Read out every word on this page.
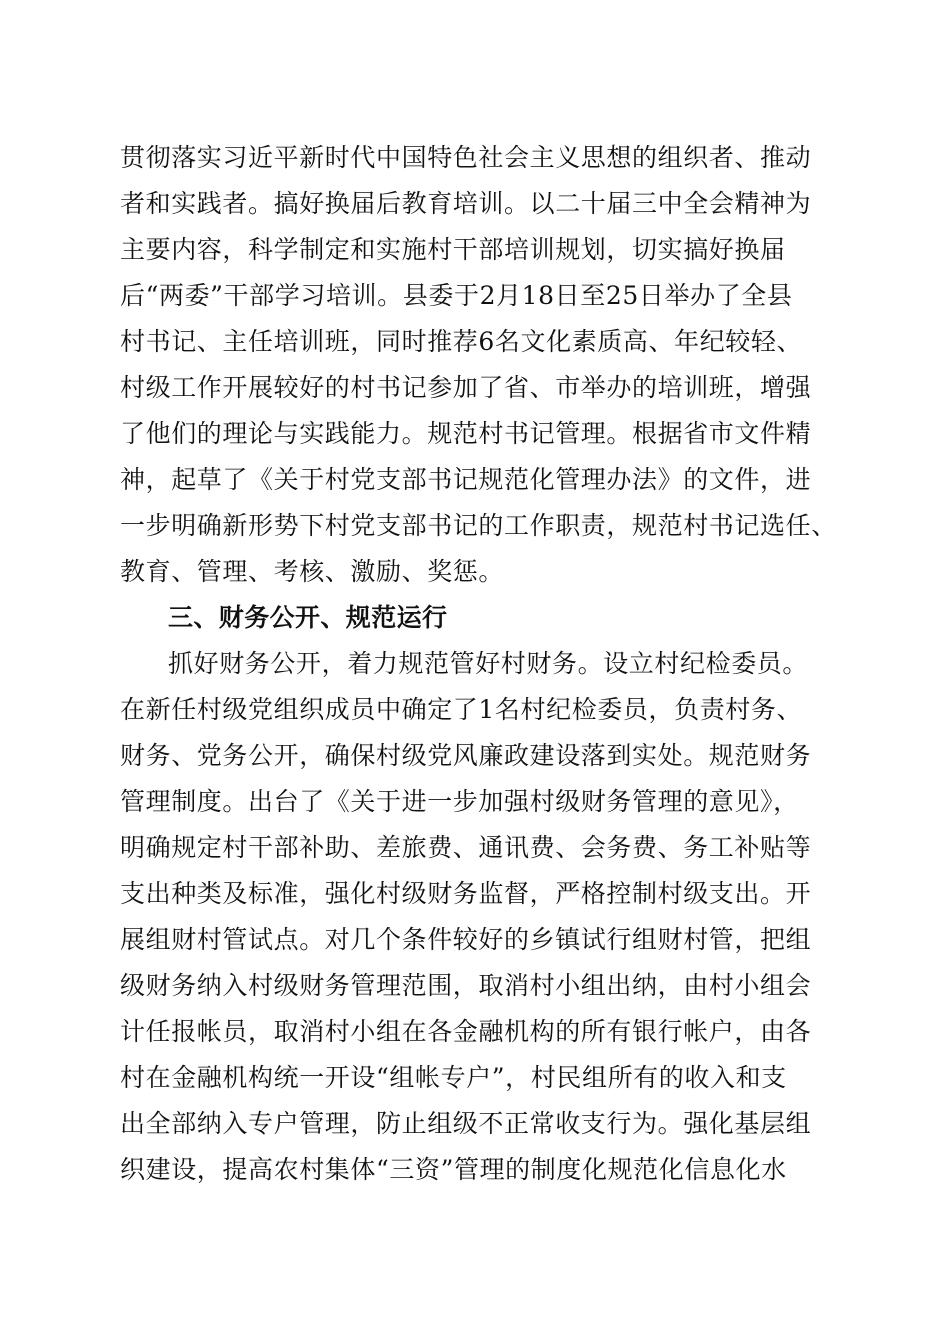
贯彻落实习近平新时代中国特色社会主义思想的组织者、推动
者和实践者。搞好换届后教育培训。以二十届三中全会精神为
主要内容，科学制定和实施村干部培训规划，切实搞好换届
后“两委”干部学习培训。县委于2月18日至25日举办了全县
村书记、主任培训班，同时推荐6名文化素质高、年纪较轻、
村级工作开展较好的村书记参加了省、市举办的培训班，增强
了他们的理论与实践能力。规范村书记管理。根据省市文件精
神，起草了《关于村党支部书记规范化管理办法》的文件，进
一步明确新形势下村党支部书记的工作职责，规范村书记选任、
教育、管理、考核、激励、奖惩。
三、财务公开、规范运行
抓好财务公开，着力规范管好村财务。设立村纪检委员。
在新任村级党组织成员中确定了1名村纪检委员，负责村务、
财务、党务公开，确保村级党风廉政建设落到实处。规范财务
管理制度。出台了《关于进一步加强村级财务管理的意见》，
明确规定村干部补助、差旅费、通讯费、会务费、务工补贴等
支出种类及标准，强化村级财务监督，严格控制村级支出。开
展组财村管试点。对几个条件较好的乡镇试行组财村管，把组
级财务纳入村级财务管理范围，取消村小组出纳，由村小组会
计任报帐员，取消村小组在各金融机构的所有银行帐户，由各
村在金融机构统一开设“组帐专户”，村民组所有的收入和支
出全部纳入专户管理，防止组级不正常收支行为。强化基层组
织建设，提高农村集体“三资”管理的制度化规范化信息化水
